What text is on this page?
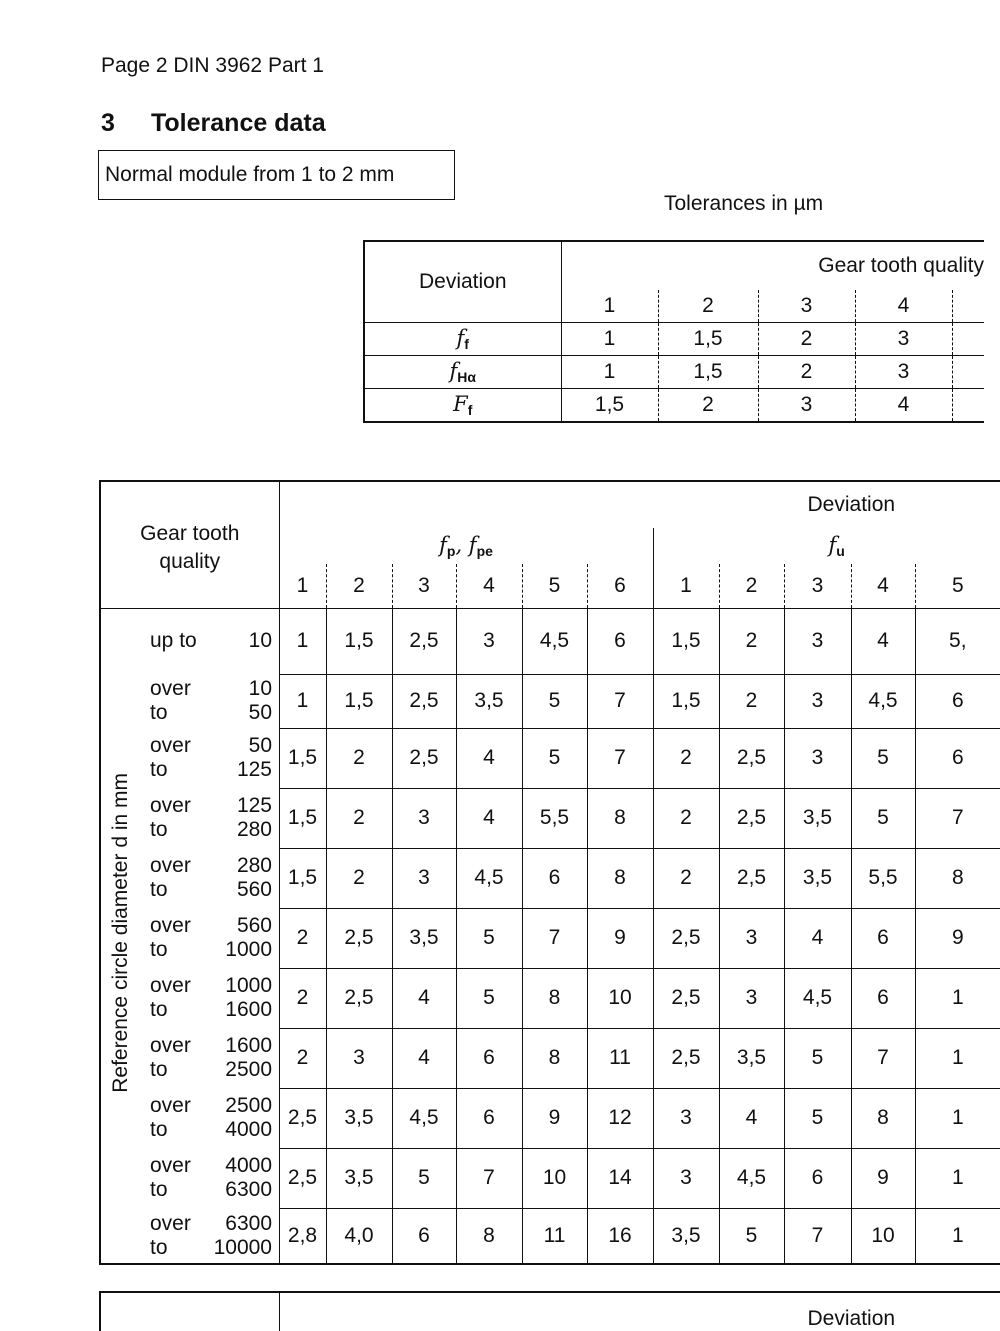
Page 2 DIN 3962 Part 1
3 Tolerance data
Normal module from 1 to 2 mm
Tolerances in µm
Deviation	Gear tooth quality				
	1	2	3	4	
$f_f$	1	1,5	2	3	
$f_{H\alpha}$	1	1,5	2	3	
$F_f$	1,5	2	3	4	
Gear tooth
quality		Deviation										
		$f_p$, $f_{pe}$						$f_u$
		1	2	3	4	5	6	1	2	3	4	5
Reference circle diameter d in mm	up to 10	1	1,5	2,5	3	4,5	6	1,5	2	3	4	5,

	over 10
to 50	1	1,5	2,5	3,5	5	7	1,5	2	3	4,5	6

	over 50
to 125	1,5	2	2,5	4	5	7	2	2,5	3	5	6

	over 125
to 280	1,5	2	3	4	5,5	8	2	2,5	3,5	5	7

	over 280
to 560	1,5	2	3	4,5	6	8	2	2,5	3,5	5,5	8

	over 560
to 1000	2	2,5	3,5	5	7	9	2,5	3	4	6	9

	over 1000
to 1600	2	2,5	4	5	8	10	2,5	3	4,5	6	1

	over 1600
to 2500	2	3	4	6	8	11	2,5	3,5	5	7	1

	over 2500
to 4000	2,5	3,5	4,5	6	9	12	3	4	5	8	1

	over 4000
to 6300	2,5	3,5	5	7	10	14	3	4,5	6	9	1

	over 6300
to 10000	2,8	4,0	6	8	11	16	3,5	5	7	10	1
	Deviation
